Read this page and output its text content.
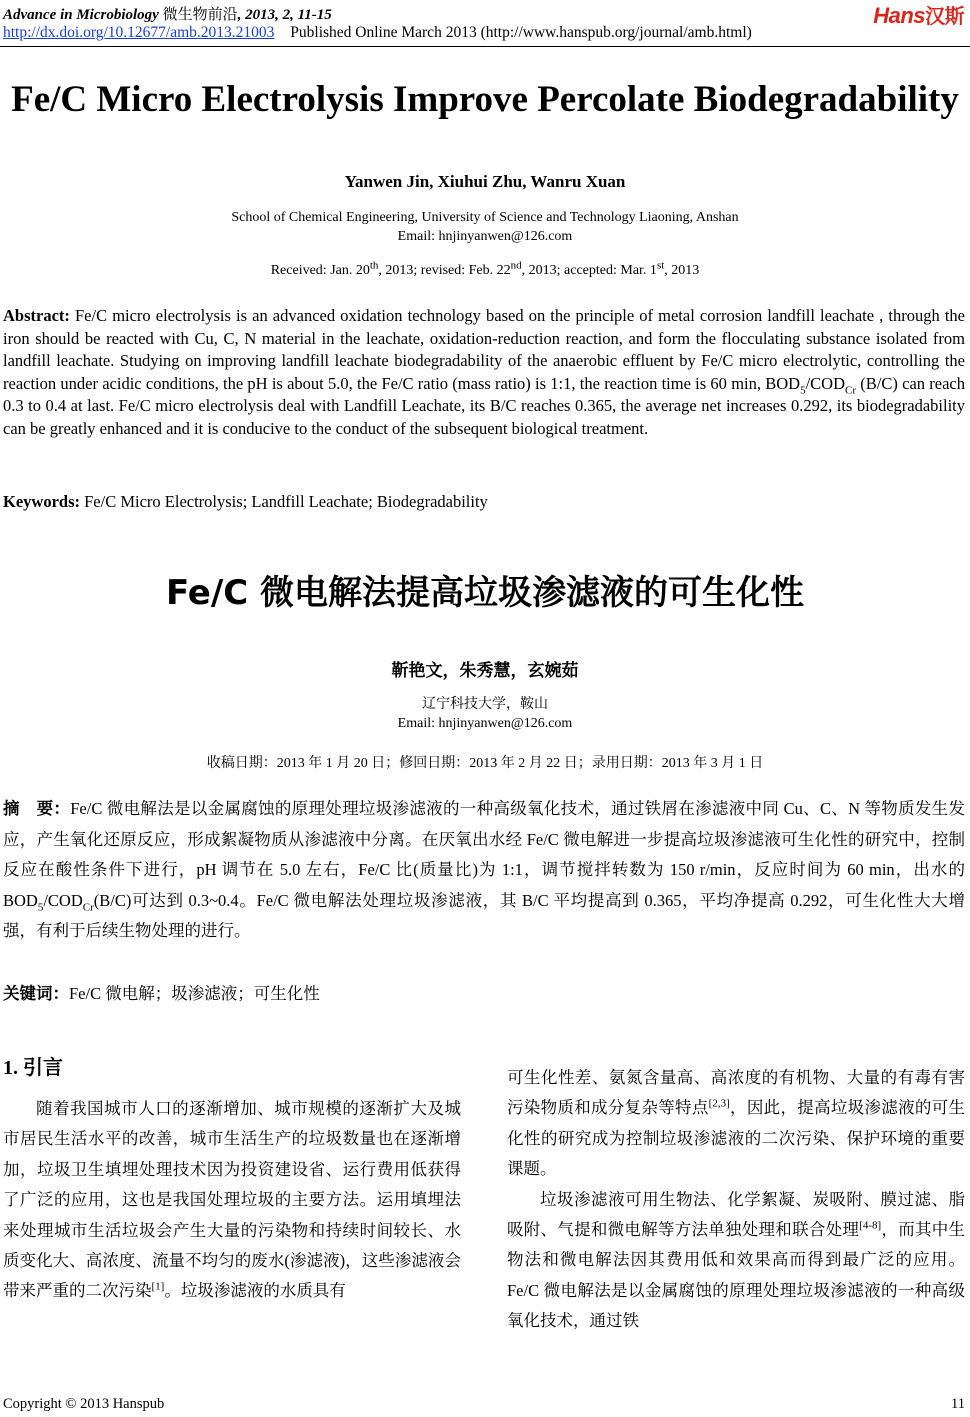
Advance in Microbiology 微生物前沿, 2013, 2, 11-15	Hans汉斯
http://dx.doi.org/10.12677/amb.2013.21003 Published Online March 2013 (http://www.hanspub.org/journal/amb.html)
Fe/C Micro Electrolysis Improve Percolate Biodegradability
Yanwen Jin, Xiuhui Zhu, Wanru Xuan
School of Chemical Engineering, University of Science and Technology Liaoning, Anshan
Email: hnjinyanwen@126.com
Received: Jan. 20th, 2013; revised: Feb. 22nd, 2013; accepted: Mar. 1st, 2013
Abstract: Fe/C micro electrolysis is an advanced oxidation technology based on the principle of metal corrosion landfill leachate , through the iron should be reacted with Cu, C, N material in the leachate, oxidation-reduction reaction, and form the flocculating substance isolated from landfill leachate. Studying on improving landfill leachate biodegradability of the anaerobic effluent by Fe/C micro electrolytic, controlling the reaction under acidic conditions, the pH is about 5.0, the Fe/C ratio (mass ratio) is 1:1, the reaction time is 60 min, $BOD_5/COD_{Cr}$ (B/C) can reach 0.3 to 0.4 at last. Fe/C micro electrolysis deal with Landfill Leachate, its B/C reaches 0.365, the average net increases 0.292, its biodegradability can be greatly enhanced and it is conducive to the conduct of the subsequent biological treatment.
Keywords: Fe/C Micro Electrolysis; Landfill Leachate; Biodegradability
Fe/C 微电解法提高垃圾渗滤液的可生化性
靳艳文，朱秀慧，玄婉茹
辽宁科技大学，鞍山
Email: hnjinyanwen@126.com
收稿日期：2013 年 1 月 20 日；修回日期：2013 年 2 月 22 日；录用日期：2013 年 3 月 1 日
摘　要：Fe/C 微电解法是以金属腐蚀的原理处理垃圾渗滤液的一种高级氧化技术，通过铁屑在渗滤液中同 Cu、C、N 等物质发生发应，产生氧化还原反应，形成絮凝物质从渗滤液中分离。在厌氧出水经 Fe/C 微电解进一步提高垃圾渗滤液可生化性的研究中，控制反应在酸性条件下进行，pH 调节在 5.0 左右，Fe/C 比(质量比)为 1:1，调节搅拌转数为 150 r/min，反应时间为 60 min，出水的 $BOD_5/COD_{Cr}(B/C)$可达到 0.3~0.4。Fe/C 微电解法处理垃圾渗滤液，其 B/C 平均提高到 0.365，平均净提高 0.292，可生化性大大增强，有利于后续生物处理的进行。
关键词：Fe/C 微电解；圾渗滤液；可生化性
1. 引言

随着我国城市人口的逐渐增加、城市规模的逐渐扩大及城市居民生活水平的改善，城市生活生产的垃圾数量也在逐渐增加，垃圾卫生填埋处理技术因为投资建设省、运行费用低获得了广泛的应用，这也是我国处理垃圾的主要方法。运用填埋法来处理城市生活垃圾会产生大量的污染物和持续时间较长、水质变化大、高浓度、流量不均匀的废水(渗滤液)，这些渗滤液会带来严重的二次污染[1]。垃圾渗滤液的水质具有

可生化性差、氨氮含量高、高浓度的有机物、大量的有毒有害污染物质和成分复杂等特点[2,3]，因此，提高垃圾渗滤液的可生化性的研究成为控制垃圾渗滤液的二次污染、保护环境的重要课题。

垃圾渗滤液可用生物法、化学絮凝、炭吸附、膜过滤、脂吸附、气提和微电解等方法单独处理和联合处理[4-8]，而其中生物法和微电解法因其费用低和效果高而得到最广泛的应用。Fe/C 微电解法是以金属腐蚀的原理处理垃圾渗滤液的一种高级氧化技术，通过铁

Copyright © 2013 Hanspub	11
